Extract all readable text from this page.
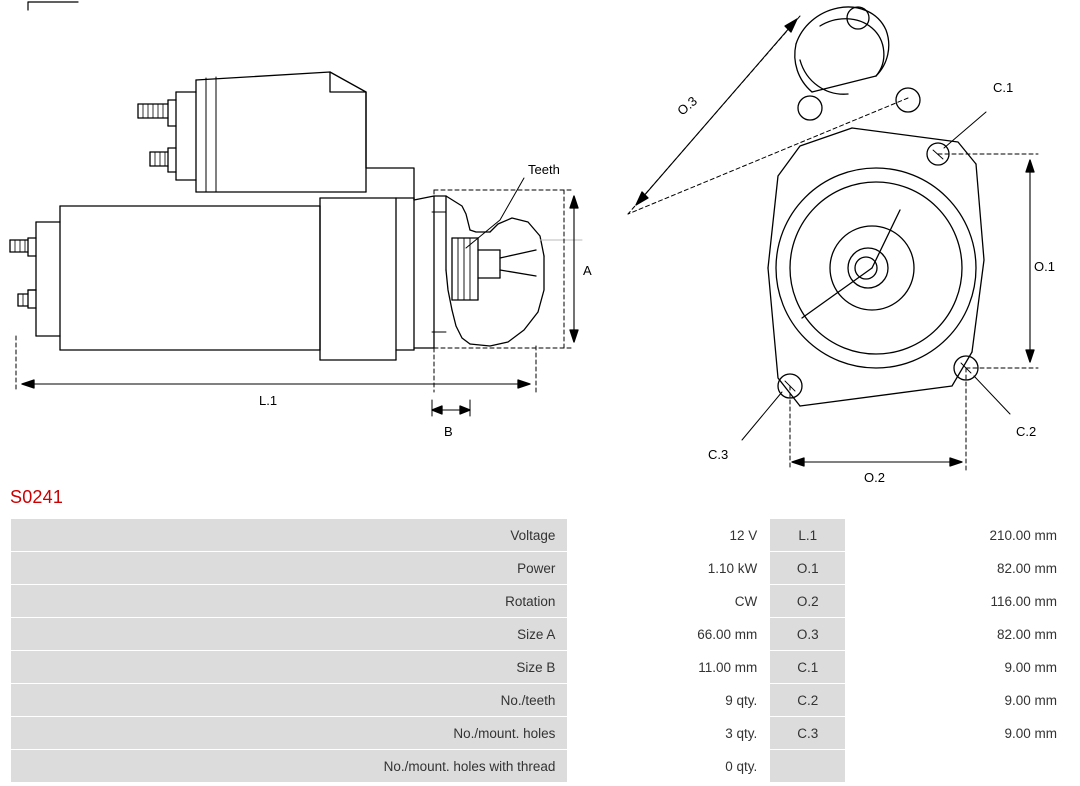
Teeth
L.1
A
B
O.3
O.1
O.2
C.1
C.2
C.3
S0241
Voltage	12 V	L.1	210.00 mm
Power	1.10 kW	O.1	82.00 mm
Rotation	CW	O.2	116.00 mm
Size A	66.00 mm	O.3	82.00 mm
Size B	11.00 mm	C.1	9.00 mm
No./teeth	9 qty.	C.2	9.00 mm
No./mount. holes	3 qty.	C.3	9.00 mm
No./mount. holes with thread	0 qty.		
